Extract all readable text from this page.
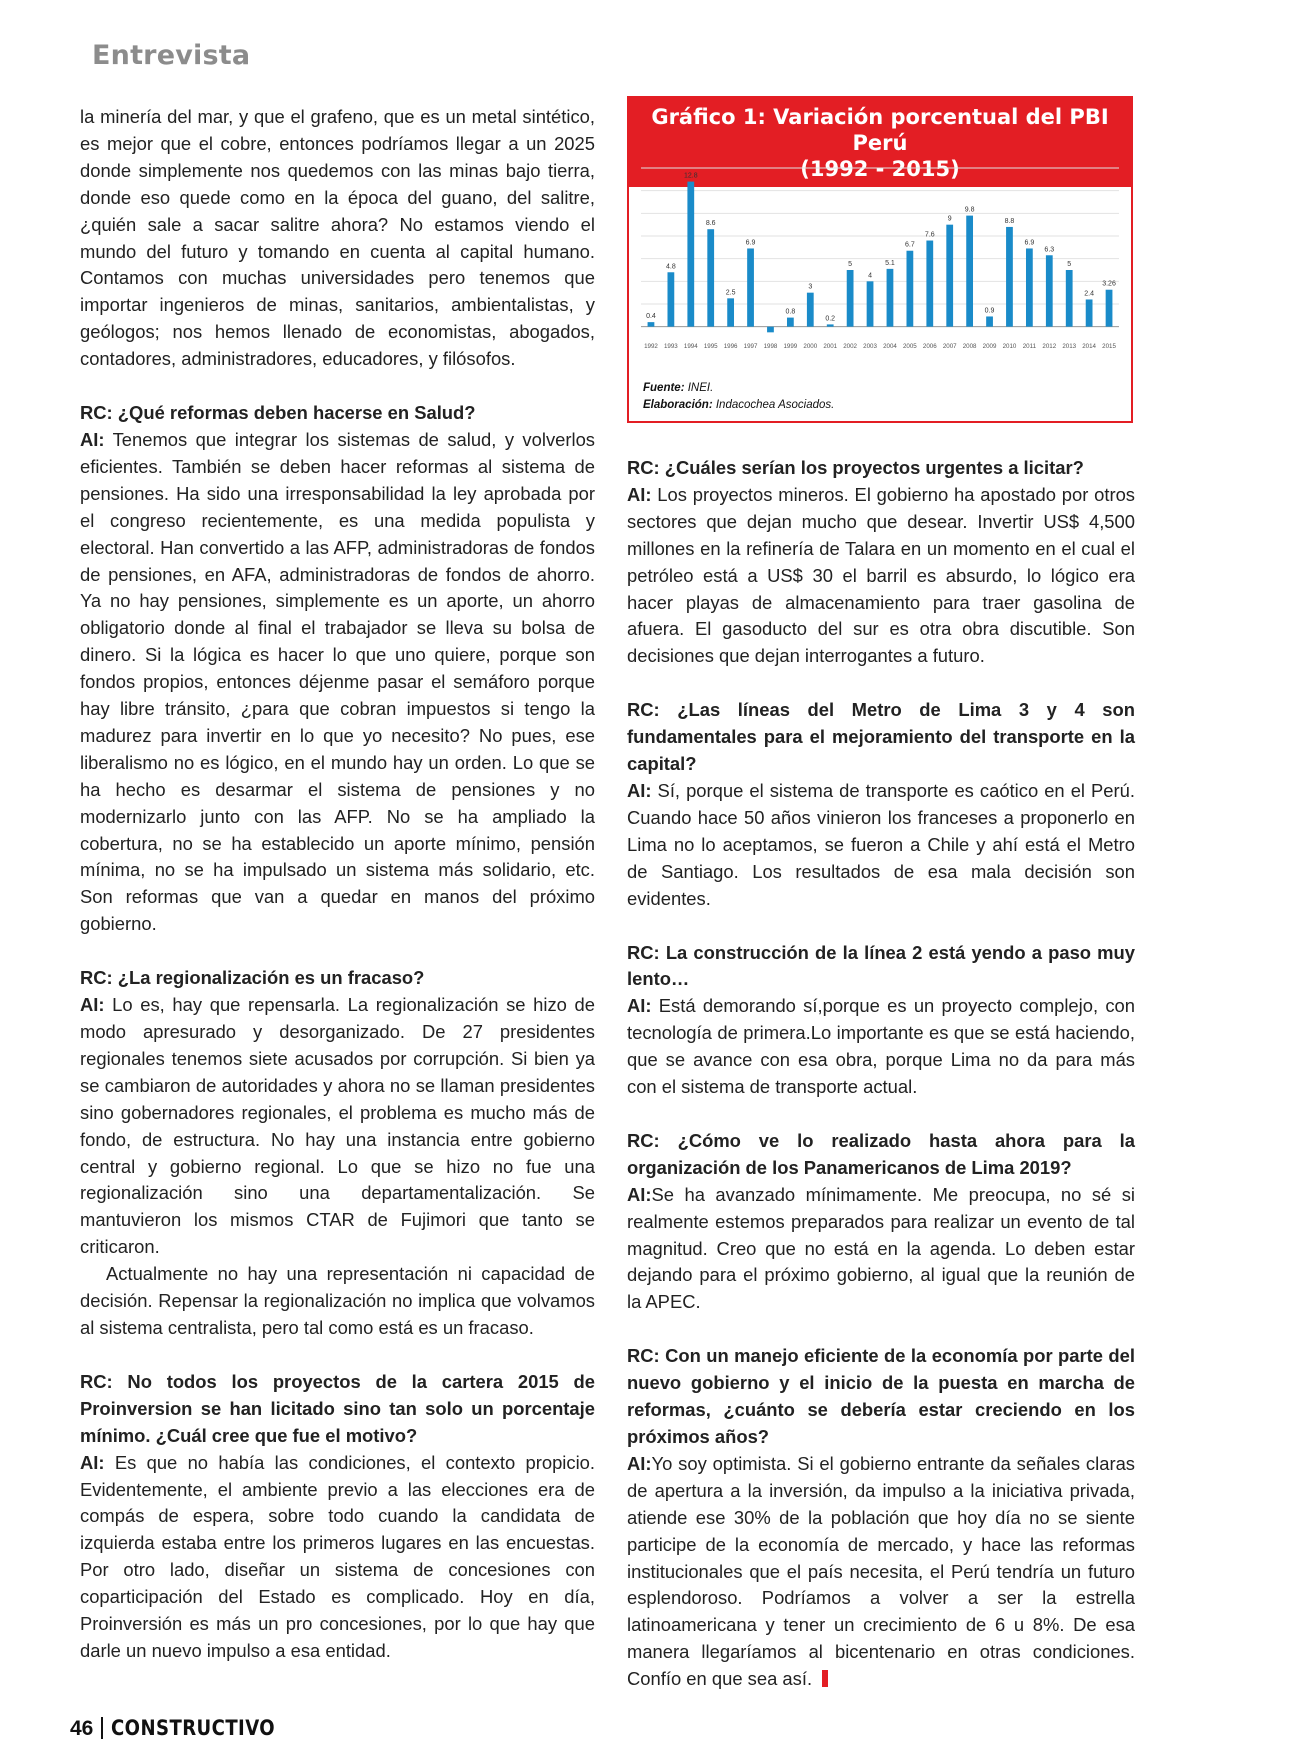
Entrevista

la minería del mar, y que el grafeno, que es un metal sintético, es mejor que el cobre, entonces podríamos llegar a un 2025 donde simplemente nos quedemos con las minas bajo tierra, donde eso quede como en la época del guano, del salitre, ¿quién sale a sacar salitre ahora? No estamos viendo el mundo del futuro y tomando en cuenta al capital humano. Contamos con muchas universidades pero tenemos que importar ingenieros de minas, sanitarios, ambientalistas, y geólogos; nos hemos llenado de economistas, abogados, contadores, administradores, educadores, y filósofos.

RC: ¿Qué reformas deben hacerse en Salud?

AI: Tenemos que integrar los sistemas de salud, y volverlos eficientes. También se deben hacer reformas al sistema de pensiones. Ha sido una irresponsabilidad la ley aprobada por el congreso recientemente, es una medida populista y electoral. Han convertido a las AFP, administradoras de fondos de pensiones, en AFA, administradoras de fondos de ahorro. Ya no hay pensiones, simplemente es un aporte, un ahorro obligatorio donde al final el trabajador se lleva su bolsa de dinero. Si la lógica es hacer lo que uno quiere, porque son fondos propios, entonces déjenme pasar el semáforo porque hay libre tránsito, ¿para que cobran impuestos si tengo la madurez para invertir en lo que yo necesito? No pues, ese liberalismo no es lógico, en el mundo hay un orden. Lo que se ha hecho es desarmar el sistema de pensiones y no modernizarlo junto con las AFP. No se ha ampliado la cobertura, no se ha establecido un aporte mínimo, pensión mínima, no se ha impulsado un sistema más solidario, etc. Son reformas que van a quedar en manos del próximo gobierno.

RC: ¿La regionalización es un fracaso?

AI: Lo es, hay que repensarla. La regionalización se hizo de modo apresurado y desorganizado. De 27 presidentes regionales tenemos siete acusados por corrupción. Si bien ya se cambiaron de autoridades y ahora no se llaman presidentes sino gobernadores regionales, el problema es mucho más de fondo, de estructura. No hay una instancia entre gobierno central y gobierno regional. Lo que se hizo no fue una regionalización sino una departamentalización. Se mantuvieron los mismos CTAR de Fujimori que tanto se criticaron.

Actualmente no hay una representación ni capacidad de decisión. Repensar la regionalización no implica que volvamos al sistema centralista, pero tal como está es un fracaso.

RC: No todos los proyectos de la cartera 2015 de Proinversion se han licitado sino tan solo un porcentaje mínimo. ¿Cuál cree que fue el motivo?

AI: Es que no había las condiciones, el contexto propicio. Evidentemente, el ambiente previo a las elecciones era de compás de espera, sobre todo cuando la candidata de izquierda estaba entre los primeros lugares en las encuestas. Por otro lado, diseñar un sistema de concesiones con coparticipación del Estado es complicado. Hoy en día, Proinversión es más un pro concesiones, por lo que hay que darle un nuevo impulso a esa entidad.

Gráfico 1: Variación porcentual del PBI Perú
(1992 - 2015)
0.4
1992
4.8
1993
12.8
1994
8.6
1995
2.5
1996
6.9
1997 1998
0.8
1999
3
2000
0.2
2001
5
2002
4
2003
5.1
2004
6.7
2005
7.6
2006
9
2007
9.8
2008
0.9
2009
8.8
2010
6.9
2011
6.3
2012
5
2013
2.4
2014
3.26
2015
Fuente: INEI.
Elaboración: Indacochea Asociados.

RC: ¿Cuáles serían los proyectos urgentes a licitar?

AI: Los proyectos mineros. El gobierno ha apostado por otros sectores que dejan mucho que desear. Invertir US$ 4,500 millones en la refinería de Talara en un momento en el cual el petróleo está a US$ 30 el barril es absurdo, lo lógico era hacer playas de almacenamiento para traer gasolina de afuera. El gasoducto del sur es otra obra discutible. Son decisiones que dejan interrogantes a futuro.

RC: ¿Las líneas del Metro de Lima 3 y 4 son fundamentales para el mejoramiento del transporte en la capital?

AI: Sí, porque el sistema de transporte es caótico en el Perú. Cuando hace 50 años vinieron los franceses a proponerlo en Lima no lo aceptamos, se fueron a Chile y ahí está el Metro de Santiago. Los resultados de esa mala decisión son evidentes.

RC: La construcción de la línea 2 está yendo a paso muy lento…

AI: Está demorando sí,porque es un proyecto complejo, con tecnología de primera.Lo importante es que se está haciendo, que se avance con esa obra, porque Lima no da para más con el sistema de transporte actual.

RC: ¿Cómo ve lo realizado hasta ahora para la organización de los Panamericanos de Lima 2019?

AI:Se ha avanzado mínimamente. Me preocupa, no sé si realmente estemos preparados para realizar un evento de tal magnitud. Creo que no está en la agenda. Lo deben estar dejando para el próximo gobierno, al igual que la reunión de la APEC.

RC: Con un manejo eficiente de la economía por parte del nuevo gobierno y el inicio de la puesta en marcha de reformas, ¿cuánto se debería estar creciendo en los próximos años?

AI:Yo soy optimista. Si el gobierno entrante da señales claras de apertura a la inversión, da impulso a la iniciativa privada, atiende ese 30% de la población que hoy día no se siente participe de la economía de mercado, y hace las reformas institucionales que el país necesita, el Perú tendría un futuro esplendoroso. Podríamos a volver a ser la estrella latinoamericana y tener un crecimiento de 6 u 8%. De esa manera llegaríamos al bicentenario en otras condiciones. Confío en que sea así.

46 CONSTRUCTIVO
